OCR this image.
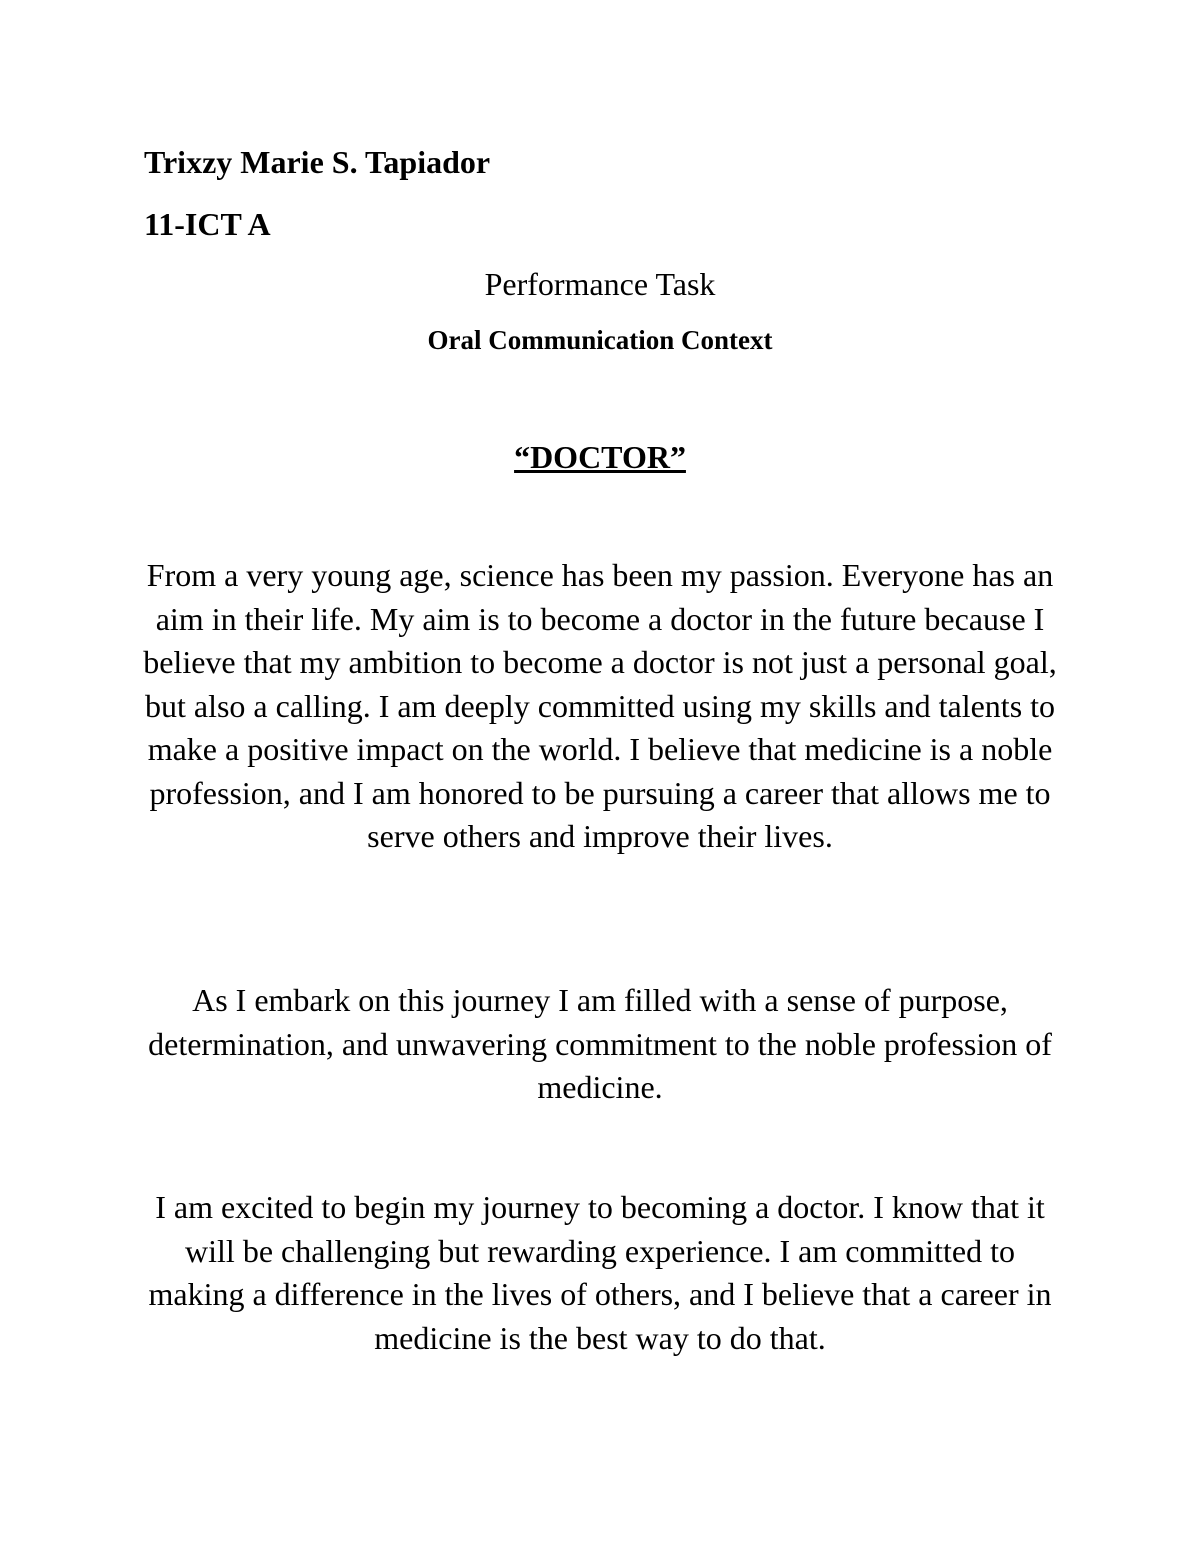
Trixzy Marie S. Tapiador

11-ICT A

Performance Task

Oral Communication Context

“DOCTOR”

From a very young age, science has been my passion. Everyone has an aim in their life. My aim is to become a doctor in the future because I believe that my ambition to become a doctor is not just a personal goal, but also a calling. I am deeply committed using my skills and talents to make a positive impact on the world. I believe that medicine is a noble profession, and I am honored to be pursuing a career that allows me to serve others and improve their lives.

As I embark on this journey I am filled with a sense of purpose, determination, and unwavering commitment to the noble profession of medicine.

I am excited to begin my journey to becoming a doctor. I know that it will be challenging but rewarding experience. I am committed to making a difference in the lives of others, and I believe that a career in medicine is the best way to do that.
